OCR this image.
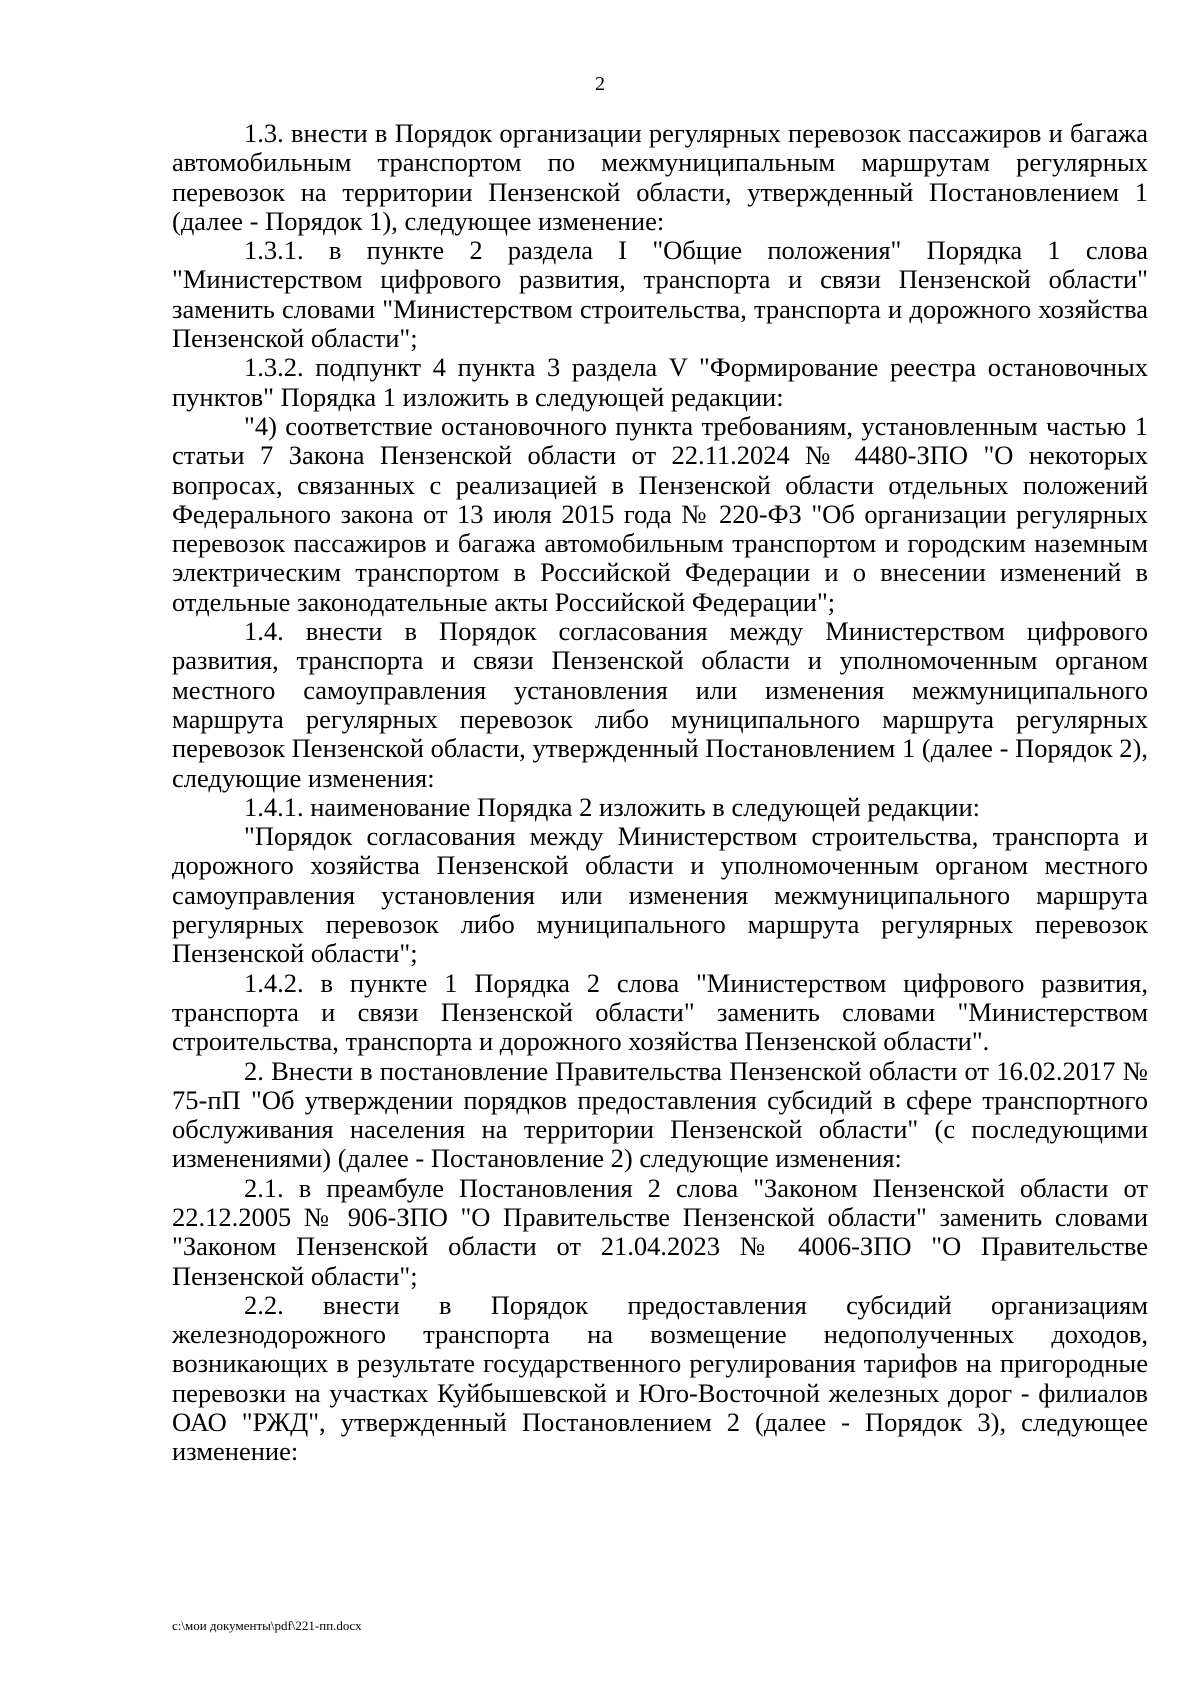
2

1.3. внести в Порядок организации регулярных перевозок пассажиров и багажа автомобильным транспортом по межмуниципальным маршрутам регулярных перевозок на территории Пензенской области, утвержденный Постановлением 1 (далее - Порядок 1), следующее изменение:

1.3.1. в пункте 2 раздела I "Общие положения" Порядка 1 слова "Министерством цифрового развития, транспорта и связи Пензенской области" заменить словами "Министерством строительства, транспорта и дорожного хозяйства Пензенской области";

1.3.2. подпункт 4 пункта 3 раздела V "Формирование реестра остановочных пунктов" Порядка 1 изложить в следующей редакции:

"4) соответствие остановочного пункта требованиям, установленным частью 1 статьи 7 Закона Пензенской области от 22.11.2024 № 4480-ЗПО "О некоторых вопросах, связанных с реализацией в Пензенской области отдельных положений Федерального закона от 13 июля 2015 года № 220-ФЗ "Об организации регулярных перевозок пассажиров и багажа автомобильным транспортом и городским наземным электрическим транспортом в Российской Федерации и о внесении изменений в отдельные законодательные акты Российской Федерации";

1.4. внести в Порядок согласования между Министерством цифрового развития, транспорта и связи Пензенской области и уполномоченным органом местного самоуправления установления или изменения межмуниципального маршрута регулярных перевозок либо муниципального маршрута регулярных перевозок Пензенской области, утвержденный Постановлением 1 (далее - Порядок 2), следующие изменения:

1.4.1. наименование Порядка 2 изложить в следующей редакции:

"Порядок согласования между Министерством строительства, транспорта и дорожного хозяйства Пензенской области и уполномоченным органом местного самоуправления установления или изменения межмуниципального маршрута регулярных перевозок либо муниципального маршрута регулярных перевозок Пензенской области";

1.4.2. в пункте 1 Порядка 2 слова "Министерством цифрового развития, транспорта и связи Пензенской области" заменить словами "Министерством строительства, транспорта и дорожного хозяйства Пензенской области".

2. Внести в постановление Правительства Пензенской области от 16.02.2017 № 75-пП "Об утверждении порядков предоставления субсидий в сфере транспортного обслуживания населения на территории Пензенской области" (с последующими изменениями) (далее - Постановление 2) следующие изменения:

2.1. в преамбуле Постановления 2 слова "Законом Пензенской области от 22.12.2005 № 906-ЗПО "О Правительстве Пензенской области" заменить словами "Законом Пензенской области от 21.04.2023 № 4006-ЗПО "О Правительстве Пензенской области";

2.2. внести в Порядок предоставления субсидий организациям железнодорожного транспорта на возмещение недополученных доходов, возникающих в результате государственного регулирования тарифов на пригородные перевозки на участках Куйбышевской и Юго-Восточной железных дорог - филиалов ОАО "РЖД", утвержденный Постановлением 2 (далее - Порядок 3), следующее изменение:

c:\мои документы\pdf\221-пп.docx
